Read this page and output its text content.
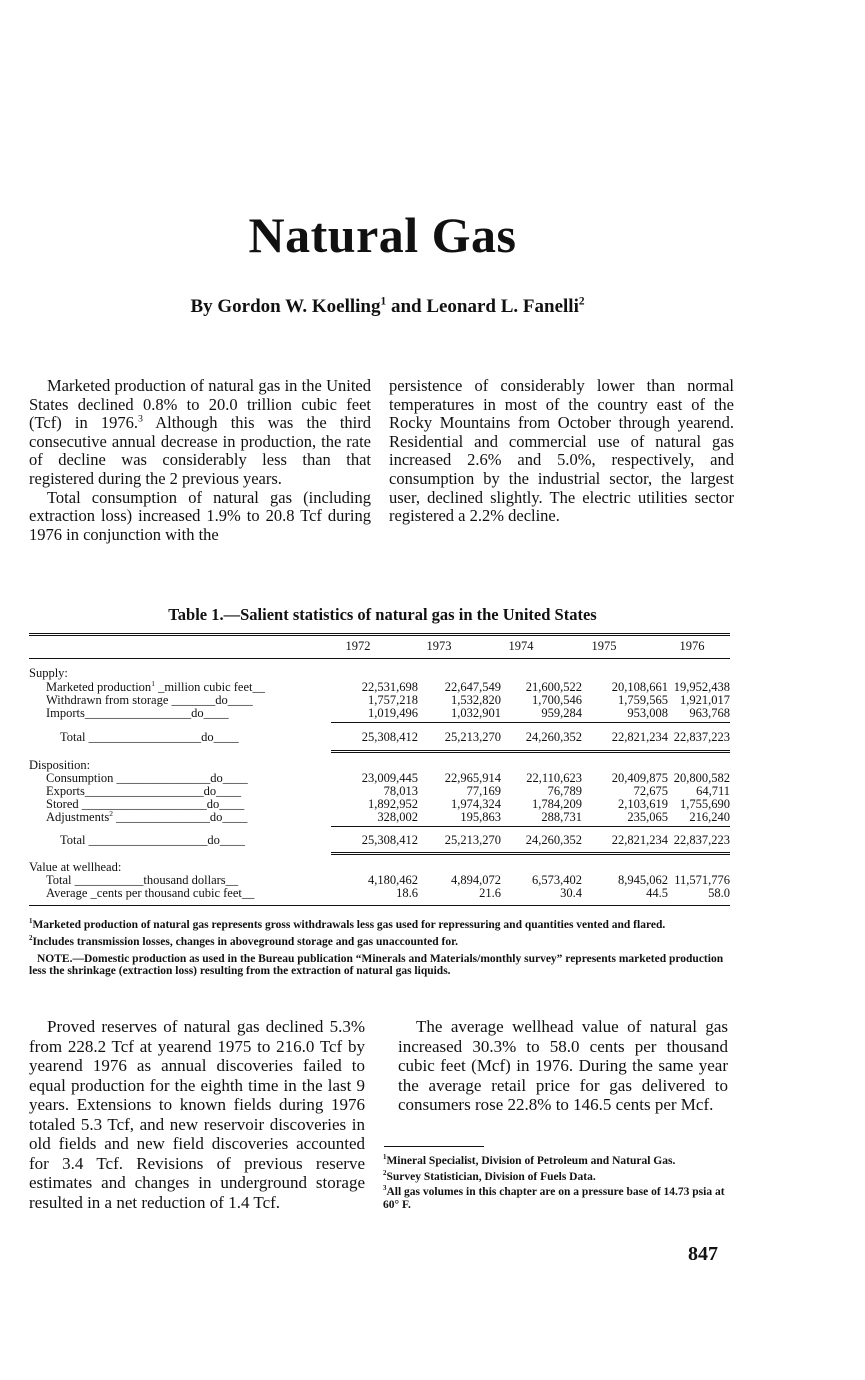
Natural Gas
By Gordon W. Koelling$^1$ and Leonard L. Fanelli$^2$

Marketed production of natural gas in the United States declined 0.8% to 20.0 trillion cubic feet (Tcf) in 1976.$^3$ Although this was the third consecutive annual decrease in production, the rate of decline was considerably less than that registered during the 2 previous years.

Total consumption of natural gas (including extraction loss) increased 1.9% to 20.8 Tcf during 1976 in conjunction with the

persistence of considerably lower than normal temperatures in most of the country east of the Rocky Mountains from October through yearend. Residential and commercial use of natural gas increased 2.6% and 5.0%, respectively, and consumption by the industrial sector, the largest user, declined slightly. The electric utilities sector registered a 2.2% decline.

Table 1.—Salient statistics of natural gas in the United States
1972	1973	1974	1975	1976
Supply:
Marketed production$^1$ _million cubic feet__	22,531,698 22,647,549 21,600,522 20,108,661 19,952,438
Withdrawn from storage _______do____	1,757,218	1,532,820 1,700,546	1,759,565 1,921,017
Imports_________________do____	1,019,496	1,032,901	959,284	953,008 963,768
Total __________________do____	25,308,412 25,213,270 24,260,352 22,821,234 22,837,223
Disposition:
Consumption _______________do____	23,009,445 22,965,914 22,110,623 20,409,875 20,800,582
Exports___________________do____	78,013	77,169	76,789	72,675 64,711
Stored ____________________do____	1,892,952	1,974,324 1,784,209	2,103,619 1,755,690
Adjustments$^2$ _______________do____	328,002	195,863	288,731	235,065 216,240
Total ___________________do____	25,308,412 25,213,270 24,260,352 22,821,234 22,837,223
Value at wellhead:
Total ___________thousand dollars__	4,180,462	4,894,072 6,573,402	8,945,062 11,571,776
Average _cents per thousand cubic feet__	18.6	21.6	30.4	44.5	58.0
$^1$Marketed production of natural gas represents gross withdrawals less gas used for repressuring and quantities vented and flared.
$^2$Includes transmission losses, changes in aboveground storage and gas unaccounted for.
NOTE.—Domestic production as used in the Bureau publication “Minerals and Materials/monthly survey” represents marketed production less the shrinkage (extraction loss) resulting from the extraction of natural gas liquids.

Proved reserves of natural gas declined 5.3% from 228.2 Tcf at yearend 1975 to 216.0 Tcf by yearend 1976 as annual discoveries failed to equal production for the eighth time in the last 9 years. Extensions to known fields during 1976 totaled 5.3 Tcf, and new reservoir discoveries in old fields and new field discoveries accounted for 3.4 Tcf. Revisions of previous reserve estimates and changes in underground storage resulted in a net reduction of 1.4 Tcf.

The average wellhead value of natural gas increased 30.3% to 58.0 cents per thousand cubic feet (Mcf) in 1976. During the same year the average retail price for gas delivered to consumers rose 22.8% to 146.5 cents per Mcf.

$^1$Mineral Specialist, Division of Petroleum and Natural Gas.
$^2$Survey Statistician, Division of Fuels Data.
$^3$All gas volumes in this chapter are on a pressure base of 14.73 psia at 60° F.
847
